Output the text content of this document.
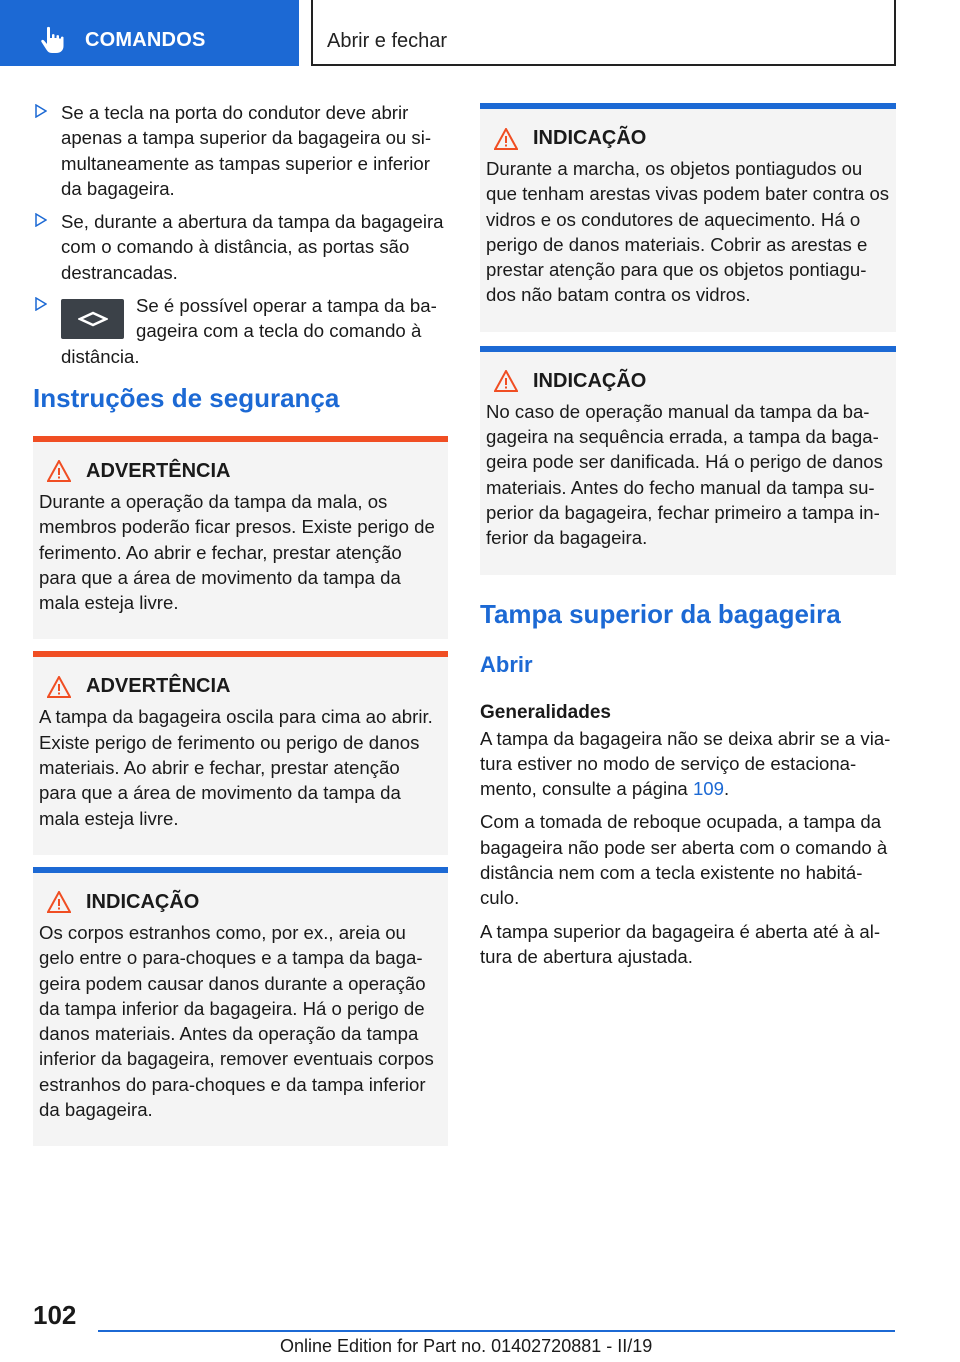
COMANDOS	Abrir e fechar
Se a tecla na porta do condutor deve abrir apenas a tampa superior da bagageira ou si-multaneamente as tampas superior e inferior da bagageira.
Se, durante a abertura da tampa da bagageira com o comando à distância, as portas são destrancadas.
Se é possível operar a tampa da ba-gageira com a tecla do comando à distância.
Instruções de segurança
ADVERTÊNCIA
Durante a operação da tampa da mala, os membros poderão ficar presos. Existe perigo de ferimento. Ao abrir e fechar, prestar atenção para que a área de movimento da tampa da mala esteja livre.
ADVERTÊNCIA
A tampa da bagageira oscila para cima ao abrir. Existe perigo de ferimento ou perigo de danos materiais. Ao abrir e fechar, prestar atenção para que a área de movimento da tampa da mala esteja livre.
INDICAÇÃO
Os corpos estranhos como, por ex., areia ou gelo entre o para-choques e a tampa da baga-geira podem causar danos durante a operação da tampa inferior da bagageira. Há o perigo de danos materiais. Antes da operação da tampa inferior da bagageira, remover eventuais corpos estranhos do para-choques e da tampa inferior da bagageira.
INDICAÇÃO
Durante a marcha, os objetos pontiagudos ou que tenham arestas vivas podem bater contra os vidros e os condutores de aquecimento. Há o perigo de danos materiais. Cobrir as arestas e prestar atenção para que os objetos pontiagu-dos não batam contra os vidros.
INDICAÇÃO
No caso de operação manual da tampa da ba-gageira na sequência errada, a tampa da baga-geira pode ser danificada. Há o perigo de danos materiais. Antes do fecho manual da tampa su-perior da bagageira, fechar primeiro a tampa in-ferior da bagageira.
Tampa superior da bagageira
Abrir
Generalidades

A tampa da bagageira não se deixa abrir se a via-tura estiver no modo de serviço de estaciona-mento, consulte a página 109.

Com a tomada de reboque ocupada, a tampa da bagageira não pode ser aberta com o comando à distância nem com a tecla existente no habitá-culo.

A tampa superior da bagageira é aberta até à al-tura de abertura ajustada.

102
Online Edition for Part no. 01402720881 - II/19
